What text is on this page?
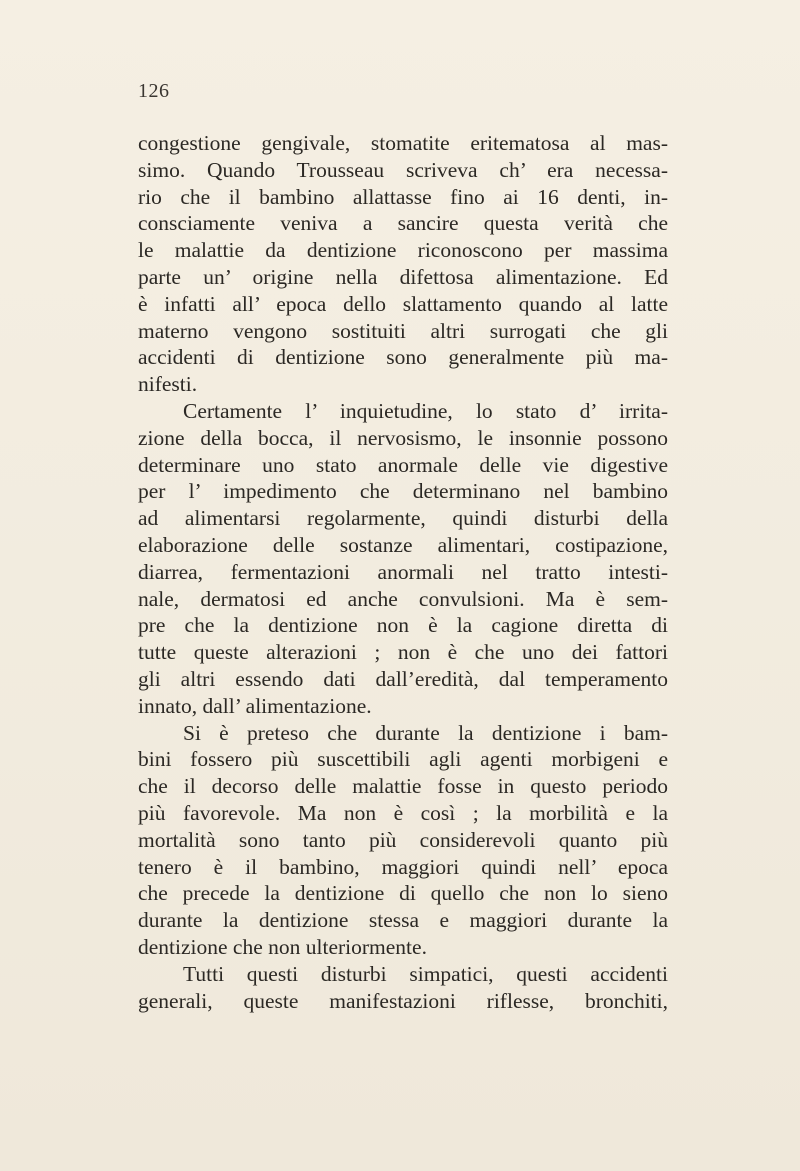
126
congestione gengivale, stomatite eritematosa al mas-
simo. Quando Trousseau scriveva ch’ era necessa-
rio che il bambino allattasse fino ai 16 denti, in-
consciamente veniva a sancire questa verità che
le malattie da dentizione riconoscono per massima
parte un’ origine nella difettosa alimentazione. Ed
è infatti all’ epoca dello slattamento quando al latte
materno vengono sostituiti altri surrogati che gli
accidenti di dentizione sono generalmente più ma-
nifesti.
Certamente l’ inquietudine, lo stato d’ irrita-
zione della bocca, il nervosismo, le insonnie possono
determinare uno stato anormale delle vie digestive
per l’ impedimento che determinano nel bambino
ad alimentarsi regolarmente, quindi disturbi della
elaborazione delle sostanze alimentari, costipazione,
diarrea, fermentazioni anormali nel tratto intesti-
nale, dermatosi ed anche convulsioni. Ma è sem-
pre che la dentizione non è la cagione diretta di
tutte queste alterazioni ; non è che uno dei fattori
gli altri essendo dati dall’eredità, dal temperamento
innato, dall’ alimentazione.
Si è preteso che durante la dentizione i bam-
bini fossero più suscettibili agli agenti morbigeni e
che il decorso delle malattie fosse in questo periodo
più favorevole. Ma non è così ; la morbilità e la
mortalità sono tanto più considerevoli quanto più
tenero è il bambino, maggiori quindi nell’ epoca
che precede la dentizione di quello che non lo sieno
durante la dentizione stessa e maggiori durante la
dentizione che non ulteriormente.
Tutti questi disturbi simpatici, questi accidenti
generali, queste manifestazioni riflesse, bronchiti,
